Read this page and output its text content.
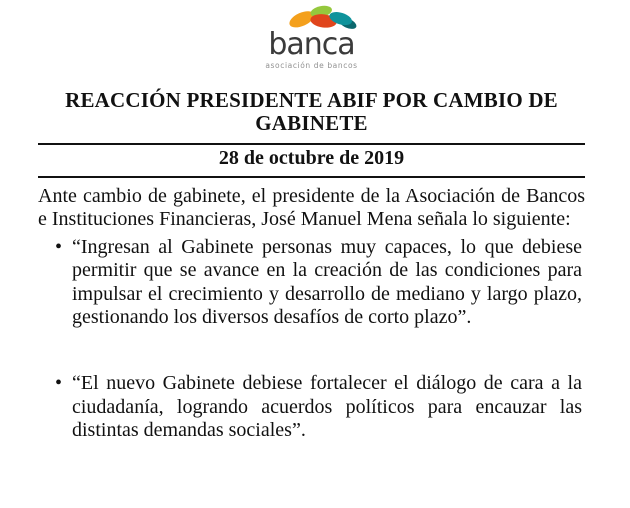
banca
asociación de bancos
REACCIÓN PRESIDENTE ABIF POR CAMBIO DE
GABINETE
28 de octubre de 2019

Ante cambio de gabinete, el presidente de la Asociación de Bancos e Instituciones Financieras, José Manuel Mena señala lo siguiente:

• “Ingresan al Gabinete personas muy capaces, lo que debiese permitir que se avance en la creación de las condiciones para impulsar el crecimiento y desarrollo de mediano y largo plazo, gestionando los diversos desafíos de corto plazo”.
• “El nuevo Gabinete debiese fortalecer el diálogo de cara a la ciudadanía, logrando acuerdos políticos para encauzar las distintas demandas sociales”.
